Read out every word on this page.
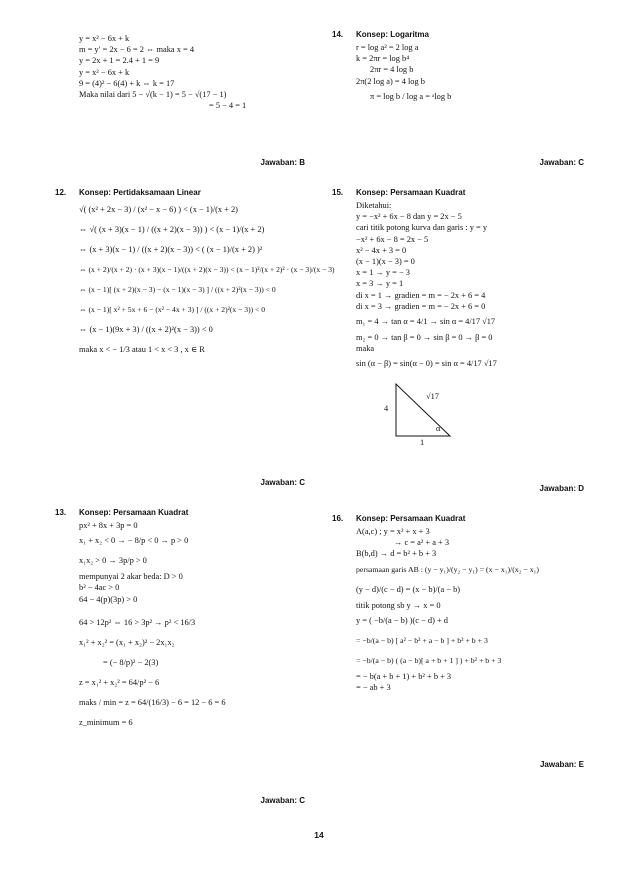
y = x² − 6x + k
m = y′ = 2x − 6 = 2 ⇔ maka x = 4
y = 2x + 1 = 2.4 + 1 = 9
y = x² − 6x + k
9 = (4)² − 6(4) + k ⇔ k = 17
Maka nilai dari 5 − √(k − 1) = 5 − √(17 − 1)
= 5 − 4 = 1
Jawaban: B
12. Konsep: Pertidaksamaan Linear
√( (x² + 2x − 3) / (x² − x − 6) ) < (x − 1)/(x + 2)
⇔ √( (x + 3)(x − 1) / ((x + 2)(x − 3)) ) < (x − 1)/(x + 2)
⇔ (x + 3)(x − 1) / ((x + 2)(x − 3)) < ( (x − 1)/(x + 2) )²
⇔ (x + 2)/(x + 2) · (x + 3)(x − 1)/((x + 2)(x − 3)) < (x − 1)²/(x + 2)² · (x − 3)/(x − 3)
⇔ (x − 1)[ (x + 2)(x − 3) − (x − 1)(x − 3) ] / ((x + 2)²(x − 3)) < 0
⇔ (x − 1)[ x² + 5x + 6 − (x² − 4x + 3) ] / ((x + 2)²(x − 3)) < 0
⇔ (x − 1)(9x + 3) / ((x + 2)²(x − 3)) < 0
maka x < − 1/3 atau 1 < x < 3 , x ∈ R
Jawaban: C
13. Konsep: Persamaan Kuadrat
px² + 8x + 3p = 0
x₁ + x₂ < 0 → − 8/p < 0 → p > 0
x₁x₂ > 0 → 3p/p > 0
mempunyai 2 akar beda: D > 0
b² − 4ac > 0
64 − 4(p)(3p) > 0
64 > 12p² ⇔ 16 > 3p² → p² < 16/3
x₁² + x₂² = (x₁ + x₂)² − 2x₁x₂
= (− 8/p)² − 2(3)
z = x₁² + x₂² = 64/p² − 6
maks / min = z = 64/(16/3) − 6 = 12 − 6 = 6
z_minimum = 6
Jawaban: C
14. Konsep: Logaritma
r = log a² = 2 log a
k = 2πr = log b⁴
2πr = 4 log b
2π(2 log a) = 4 log b
π = log b / log a = ᵃlog b
Jawaban: C
15. Konsep: Persamaan Kuadrat
Diketahui:
y = −x² + 6x − 8 dan y = 2x − 5
cari titik potong kurva dan garis : y = y
−x² + 6x − 8 = 2x − 5
x² − 4x + 3 = 0
(x − 1)(x − 3) = 0
x = 1 → y = − 3
x = 3 → y = 1
di x = 1 → gradien = m = − 2x + 6 = 4
di x = 3 → gradien = m = − 2x + 6 = 0
m₁ = 4 → tan α = 4/1 → sin α = 4/17 √17
m₂ = 0 → tan β = 0 → sin β = 0 → β = 0
maka
sin (α − β) = sin(α − 0) = sin α = 4/17 √17
4
√17
α
1
Jawaban: D
16. Konsep: Persamaan Kuadrat
A(a,c) ; y = x² + x + 3
→ c = a² + a + 3
B(b,d) → d = b² + b + 3
persamaan garis AB : (y − y₁)/(y₂ − y₁) = (x − x₁)/(x₂ − x₁)
(y − d)/(c − d) = (x − b)/(a − b)
titik potong sb y → x = 0
y = ( −b/(a − b) )(c − d) + d
= −b/(a − b) [ a² − b² + a − b ] + b² + b + 3
= −b/(a − b) ( (a − b)[ a + b + 1 ] ) + b² + b + 3
= − b(a + b + 1) + b² + b + 3
= − ab + 3
Jawaban: E
14
